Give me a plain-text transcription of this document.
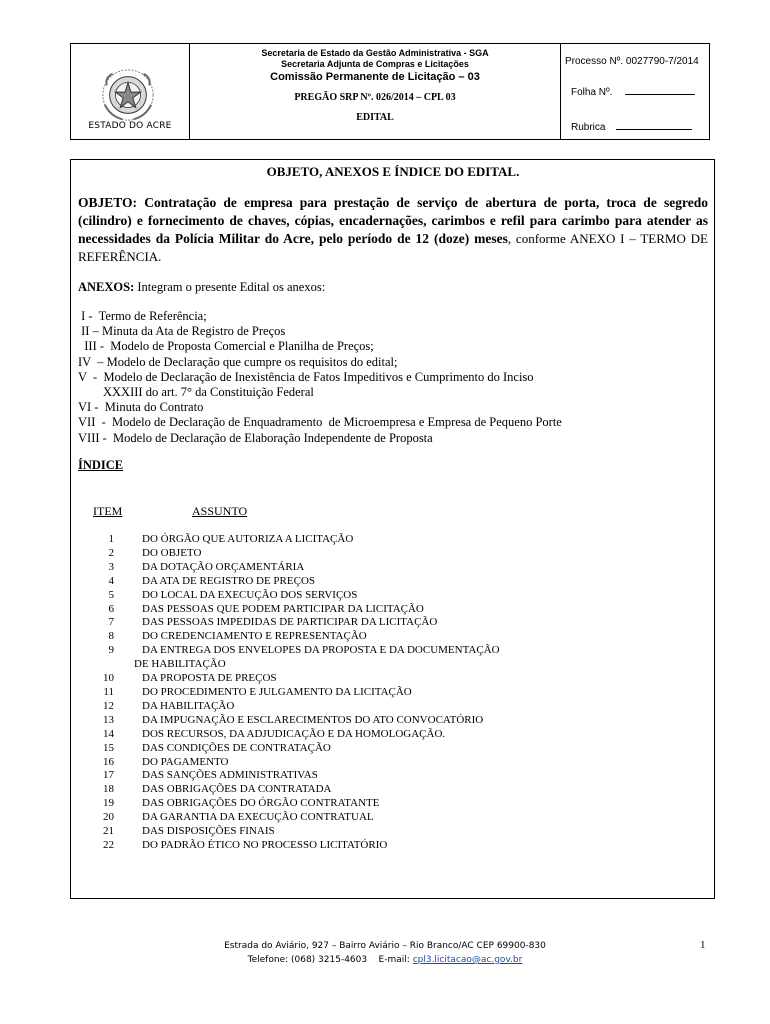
ESTADO DO ACRE
Secretaria de Estado da Gestão Administrativa - SGA
Secretaria Adjunta de Compras e Licitações
Comissão Permanente de Licitação – 03
PREGÃO SRP Nº. 026/2014 – CPL 03
EDITAL
Processo Nº. 0027790-7/2014
Folha Nº.
Rubrica

OBJETO, ANEXOS E ÍNDICE DO EDITAL.

OBJETO: Contratação de empresa para prestação de serviço de abertura de porta, troca de segredo (cilindro) e fornecimento de chaves, cópias, encadernações, carimbos e refil para carimbo para atender as necessidades da Polícia Militar do Acre, pelo período de 12 (doze) meses, conforme ANEXO I – TERMO DE REFERÊNCIA.

ANEXOS: Integram o presente Edital os anexos:

I -  Termo de Referência;
II – Minuta da Ata de Registro de Preços
III -  Modelo de Proposta Comercial e Planilha de Preços;
IV  – Modelo de Declaração que cumpre os requisitos do edital;
V  -  Modelo de Declaração de Inexistência de Fatos Impeditivos e Cumprimento do Inciso
XXXIII do art. 7° da Constituição Federal
VI -  Minuta do Contrato
VII  -  Modelo de Declaração de Enquadramento  de Microempresa e Empresa de Pequeno Porte
VIII -  Modelo de Declaração de Elaboração Independente de Proposta

ÍNDICE

ITEM	ASSUNTO
1	DO ÓRGÃO QUE AUTORIZA A LICITAÇÃO
2	DO OBJETO
3	DA DOTAÇÃO ORÇAMENTÁRIA
4	DA ATA DE REGISTRO DE PREÇOS
5	DO LOCAL DA EXECUÇÃO DOS SERVIÇOS
6	DAS PESSOAS QUE PODEM PARTICIPAR DA LICITAÇÃO
7	DAS PESSOAS IMPEDIDAS DE PARTICIPAR DA LICITAÇÃO
8	DO CREDENCIAMENTO E REPRESENTAÇÃO
9	DA ENTREGA DOS ENVELOPES DA PROPOSTA E DA DOCUMENTAÇÃO
DE HABILITAÇÃO
10	DA PROPOSTA DE PREÇOS
11	DO PROCEDIMENTO E JULGAMENTO DA LICITAÇÃO
12	DA HABILITAÇÃO
13	DA IMPUGNAÇÃO E ESCLARECIMENTOS DO ATO CONVOCATÓRIO
14	DOS RECURSOS, DA ADJUDICAÇÃO E DA HOMOLOGAÇÃO.
15	DAS CONDIÇÕES DE CONTRATAÇÃO
16	DO PAGAMENTO
17	DAS SANÇÕES ADMINISTRATIVAS
18	DAS OBRIGAÇÕES DA CONTRATADA
19	DAS OBRIGAÇÕES DO ÓRGÃO CONTRATANTE
20	DA GARANTIA DA EXECUÇÃO CONTRATUAL
21	DAS DISPOSIÇÕES FINAIS
22	DO PADRÃO ÉTICO NO PROCESSO LICITATÓRIO
Estrada do Aviário, 927 – Bairro Aviário – Rio Branco/AC CEP 69900-830
Telefone: (068) 3215-4603    E-mail: cpl3.licitacao@ac.gov.br
1
